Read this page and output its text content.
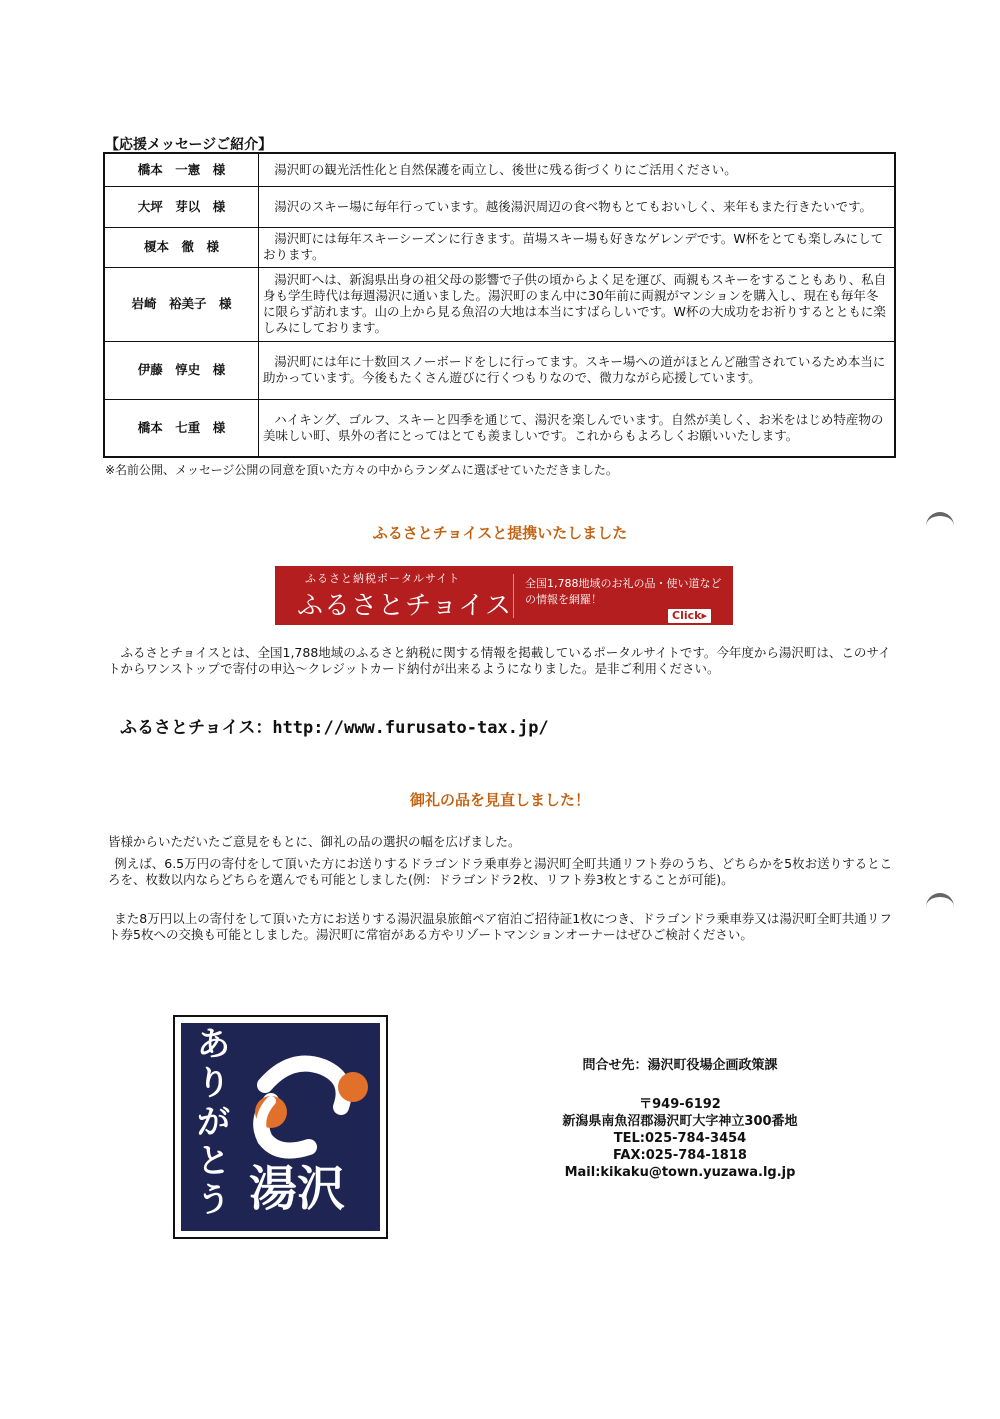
【応援メッセージご紹介】
橋本　一憲　様	湯沢町の観光活性化と自然保護を両立し、後世に残る街づくりにご活用ください。
大坪　芽以　様	湯沢のスキー場に毎年行っています。越後湯沢周辺の食べ物もとてもおいしく、来年もまた行きたいです。
榎本　徹　様	湯沢町には毎年スキーシーズンに行きます。苗場スキー場も好きなゲレンデです。W杯をとても楽しみにしております。
岩崎　裕美子　様	湯沢町へは、新潟県出身の祖父母の影響で子供の頃からよく足を運び、両親もスキーをすることもあり、私自身も学生時代は毎週湯沢に通いました。湯沢町のまん中に30年前に両親がマンションを購入し、現在も毎年冬に限らず訪れます。山の上から見る魚沼の大地は本当にすばらしいです。W杯の大成功をお祈りするとともに楽しみにしております。
伊藤　惇史　様	湯沢町には年に十数回スノーボードをしに行ってます。スキー場への道がほとんど融雪されているため本当に助かっています。今後もたくさん遊びに行くつもりなので、微力ながら応援しています。
橋本　七重　様	ハイキング、ゴルフ、スキーと四季を通じて、湯沢を楽しんでいます。自然が美しく、お米をはじめ特産物の美味しい町、県外の者にとってはとても羨ましいです。これからもよろしくお願いいたします。
※名前公開、メッセージ公開の同意を頂いた方々の中からランダムに選ばせていただきました。
ふるさとチョイスと提携いたしました
ふるさと納税ポータルサイト
ふるさとチョイス
全国1,788地域のお礼の品・使い道などの情報を網羅！
Click▸
ふるさとチョイスとは、全国1,788地域のふるさと納税に関する情報を掲載しているポータルサイトです。今年度から湯沢町は、このサイトからワンストップで寄付の申込～クレジットカード納付が出来るようになりました。是非ご利用ください。
ふるさとチョイス：http://www.furusato-tax.jp/
御礼の品を見直しました！
皆様からいただいたご意見をもとに、御礼の品の選択の幅を広げました。
例えば、6.5万円の寄付をして頂いた方にお送りするドラゴンドラ乗車券と湯沢町全町共通リフト券のうち、どちらかを5枚お送りするところを、枚数以内ならどちらを選んでも可能としました(例：ドラゴンドラ2枚、リフト券3枚とすることが可能)。
また8万円以上の寄付をして頂いた方にお送りする湯沢温泉旅館ペア宿泊ご招待証1枚につき、ドラゴンドラ乗車券又は湯沢町全町共通リフト券5枚への交換も可能としました。湯沢町に常宿がある方やリゾートマンションオーナーはぜひご検討ください。
あ
り
が
と
う 湯沢
問合せ先：湯沢町役場企画政策課
〒949-6192
新潟県南魚沼郡湯沢町大字神立300番地
TEL:025-784-3454
FAX:025-784-1818
Mail:kikaku@town.yuzawa.lg.jp
